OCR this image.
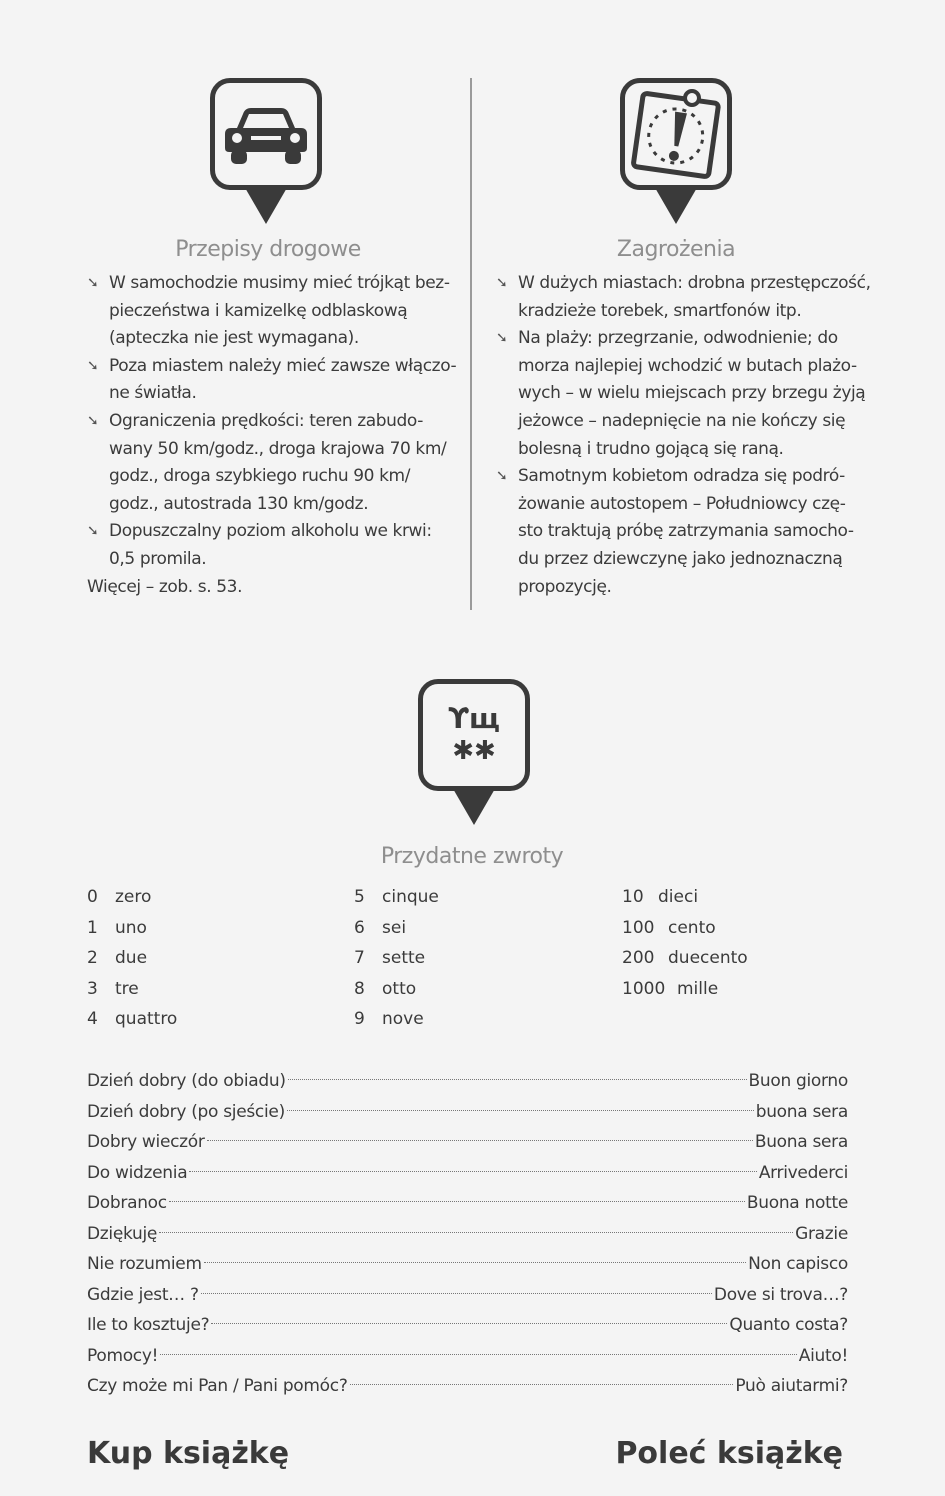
Przepisy drogowe
➘ W samochodzie musimy mieć trójkąt bez-
pieczeństwa i kamizelkę odblaskową
(apteczka nie jest wymagana).
➘ Poza miastem należy mieć zawsze włączo-
ne światła.
➘ Ograniczenia prędkości: teren zabudo-
wany 50 km/godz., droga krajowa 70 km/
godz., droga szybkiego ruchu 90 km/
godz., autostrada 130 km/godz.
➘ Dopuszczalny poziom alkoholu we krwi:
0,5 promila.

Więcej – zob. s. 53.

Zagrożenia
➘ W dużych miastach: drobna przestępczość,
kradzieże torebek, smartfonów itp.
➘ Na plaży: przegrzanie, odwodnienie; do
morza najlepiej wchodzić w butach plażo-
wych – w wielu miejscach przy brzegu żyją
jeżowce – nadepnięcie na nie kończy się
bolesną i trudno gojącą się raną.
➘ Samotnym kobietom odradza się podró-
żowanie autostopem – Południowcy czę-
sto traktują próbę zatrzymania samocho-
du przez dziewczynę jako jednoznaczną
propozycję.
ϒщ
✱✱
Przydatne zwroty
0 zero
1 uno
2 due
3 tre
4 quattro
5 cinque
6 sei
7 sette
8 otto
9 nove
10 dieci
100 cento
200 duecento
1000 mille
Dzień dobry (do obiadu)	Buon giorno
Dzień dobry (po sjeście)	buona sera
Dobry wieczór	Buona sera
Do widzenia	Arrivederci
Dobranoc	Buona notte
Dziękuję	Grazie
Nie rozumiem	Non capisco
Gdzie jest… ?	Dove si trova…?
Ile to kosztuje?	Quanto costa?
Pomocy!	Aiuto!
Czy może mi Pan / Pani pomóc?	Può aiutarmi?
Kup książkę	Poleć książkę
